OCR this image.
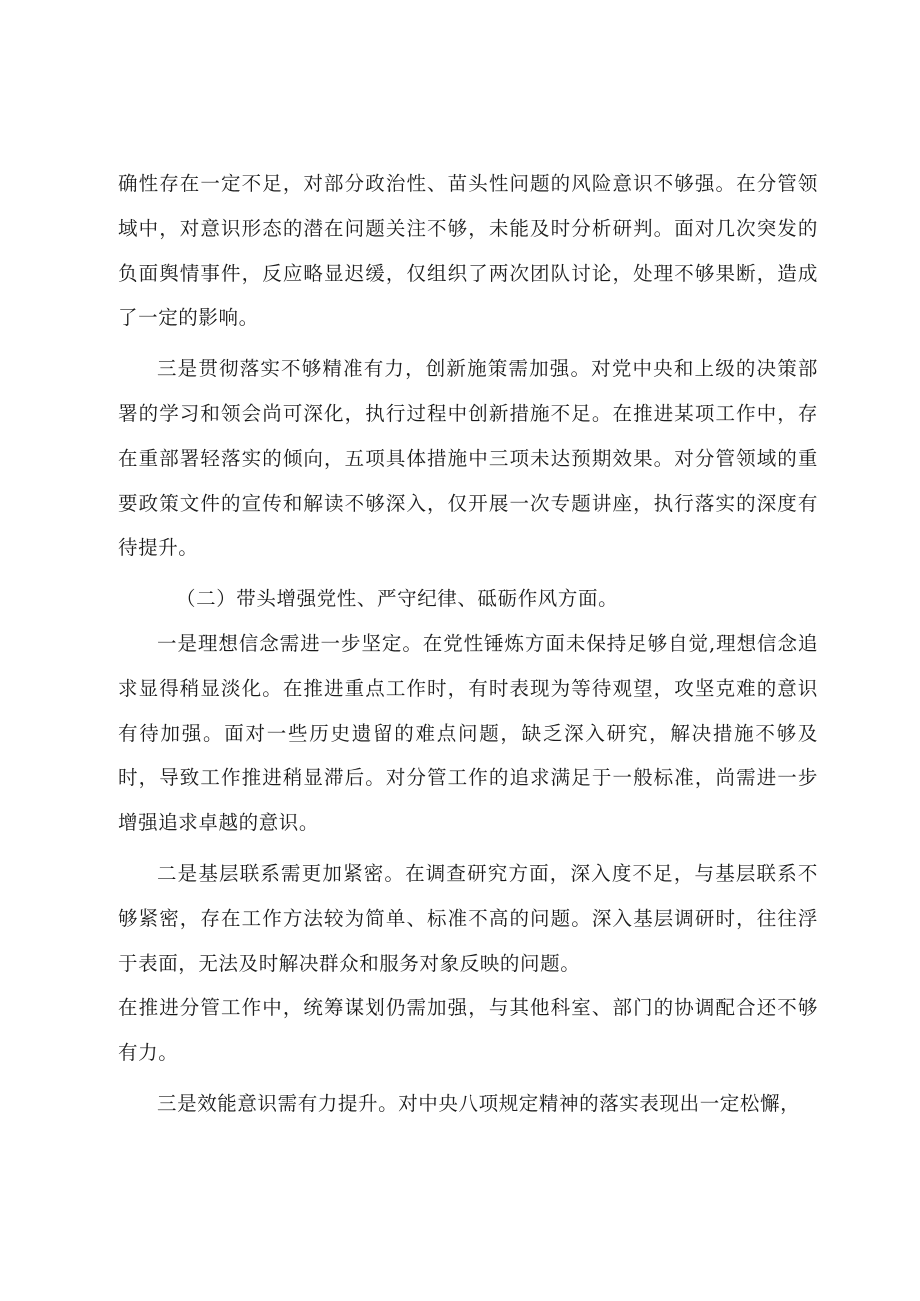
确性存在一定不足，对部分政治性、苗头性问题的风险意识不够强。在分管领域中，对意识形态的潜在问题关注不够，未能及时分析研判。面对几次突发的负面舆情事件，反应略显迟缓，仅组织了两次团队讨论，处理不够果断，造成了一定的影响。

三是贯彻落实不够精准有力，创新施策需加强。对党中央和上级的决策部署的学习和领会尚可深化，执行过程中创新措施不足。在推进某项工作中，存在重部署轻落实的倾向，五项具体措施中三项未达预期效果。对分管领域的重要政策文件的宣传和解读不够深入，仅开展一次专题讲座，执行落实的深度有待提升。

（二）带头增强党性、严守纪律、砥砺作风方面。

一是理想信念需进一步坚定。在党性锤炼方面未保持足够自觉,理想信念追求显得稍显淡化。在推进重点工作时，有时表现为等待观望，攻坚克难的意识有待加强。面对一些历史遗留的难点问题，缺乏深入研究，解决措施不够及时，导致工作推进稍显滞后。对分管工作的追求满足于一般标准，尚需进一步增强追求卓越的意识。

二是基层联系需更加紧密。在调查研究方面，深入度不足，与基层联系不够紧密，存在工作方法较为简单、标准不高的问题。深入基层调研时，往往浮于表面，无法及时解决群众和服务对象反映的问题。

在推进分管工作中，统筹谋划仍需加强，与其他科室、部门的协调配合还不够有力。

三是效能意识需有力提升。对中央八项规定精神的落实表现出一定松懈，
